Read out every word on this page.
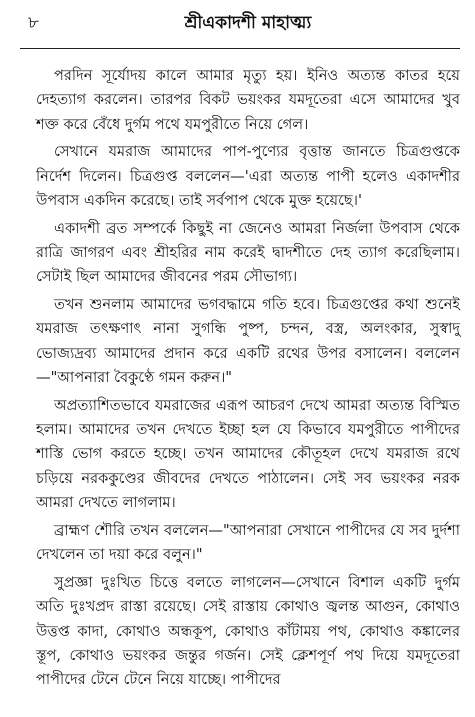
৮	শ্রীএকাদশী মাহাত্ম্য

পরদিন সূর্যোদয় কালে আমার মৃত্যু হয়। ইনিও অত্যন্ত কাতর হয়ে দেহত্যাগ করলেন। তারপর বিকট ভয়ংকর যমদূতেরা এসে আমাদের খুব শক্ত করে বেঁধে দুর্গম পথে যমপুরীতে নিয়ে গেল।

সেখানে যমরাজ আমাদের পাপ-পুণ্যের বৃত্তান্ত জানতে চিত্রগুপ্তকে নির্দেশ দিলেন। চিত্রগুপ্ত বললেন—'এরা অত্যন্ত পাপী হলেও একাদশীর উপবাস একদিন করেছে। তাই সর্বপাপ থেকে মুক্ত হয়েছে।'

একাদশী ব্রত সম্পর্কে কিছুই না জেনেও আমরা নির্জলা উপবাস থেকে রাত্রি জাগরণ এবং শ্রীহরির নাম করেই দ্বাদশীতে দেহ ত্যাগ করেছিলাম। সেটাই ছিল আমাদের জীবনের পরম সৌভাগ্য।

তখন শুনলাম আমাদের ভগবদ্ধামে গতি হবে। চিত্রগুপ্তের কথা শুনেই যমরাজ তৎক্ষণাৎ নানা সুগন্ধি পুষ্প, চন্দন, বস্ত্র, অলংকার, সুস্বাদু ভোজ্যদ্রব্য আমাদের প্রদান করে একটি রথের উপর বসালেন। বললেন—"আপনারা বৈকুণ্ঠে গমন করুন।"

অপ্রত্যাশিতভাবে যমরাজের এরূপ আচরণ দেখে আমরা অত্যন্ত বিস্মিত হলাম। আমাদের তখন দেখতে ইচ্ছা হল যে কিভাবে যমপুরীতে পাপীদের শাস্তি ভোগ করতে হচ্ছে। তখন আমাদের কৌতূহল দেখে যমরাজ রথে চড়িয়ে নরককুণ্ডের জীবদের দেখতে পাঠালেন। সেই সব ভয়ংকর নরক আমরা দেখতে লাগলাম।

ব্রাহ্মণ শৌরি তখন বললেন—"আপনারা সেখানে পাপীদের যে সব দুর্দশা দেখলেন তা দয়া করে বলুন।"

সুপ্রজ্ঞা দুঃখিত চিত্তে বলতে লাগলেন—সেখানে বিশাল একটি দুর্গম অতি দুঃখপ্রদ রাস্তা রয়েছে। সেই রাস্তায় কোথাও জ্বলন্ত আগুন, কোথাও উত্তপ্ত কাদা, কোথাও অন্ধকূপ, কোথাও কাঁটাময় পথ, কোথাও কঙ্কালের স্তূপ, কোথাও ভয়ংকর জন্তুর গর্জন। সেই ক্লেশপূর্ণ পথ দিয়ে যমদূতেরা পাপীদের টেনে টেনে নিয়ে যাচ্ছে। পাপীদের
